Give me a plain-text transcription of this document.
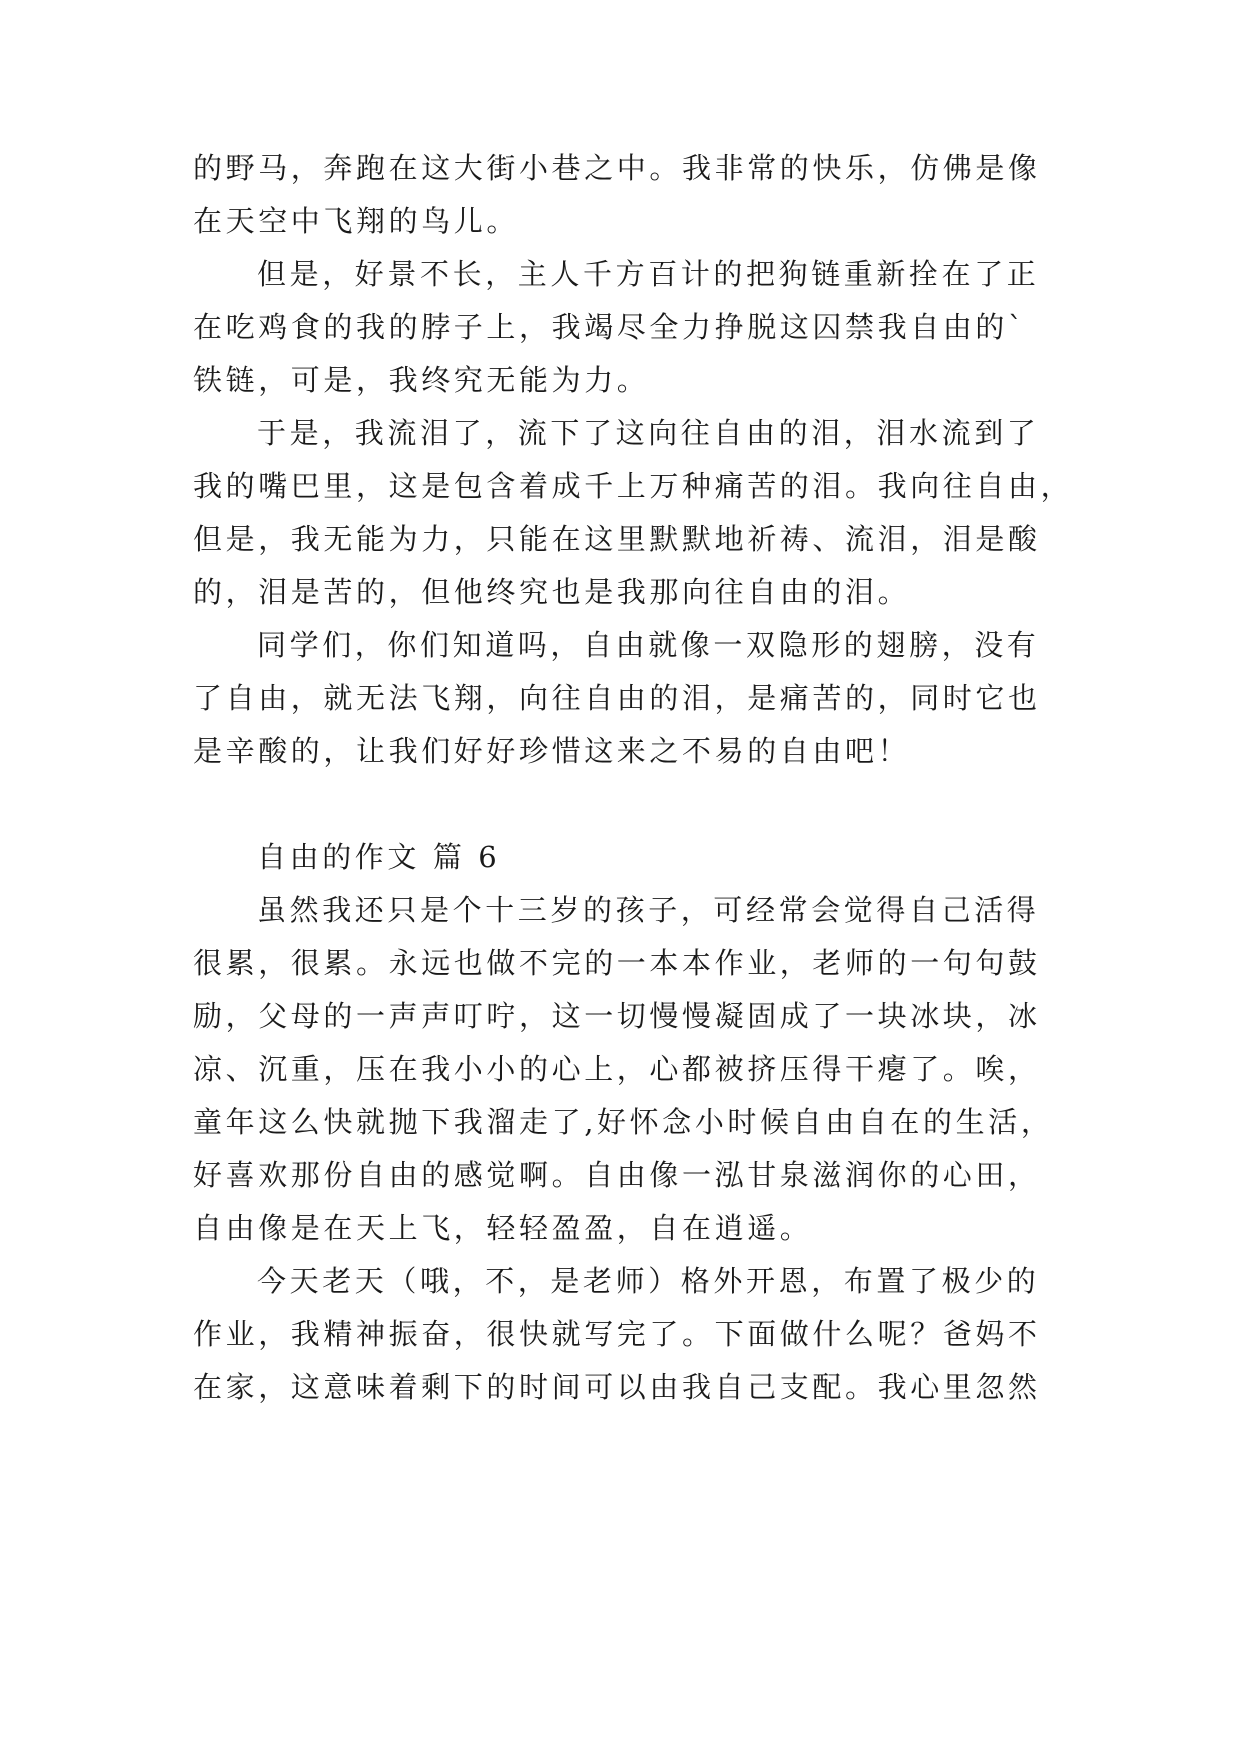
的野马，奔跑在这大街小巷之中。我非常的快乐，仿佛是像
在天空中飞翔的鸟儿。
但是，好景不长，主人千方百计的把狗链重新拴在了正
在吃鸡食的我的脖子上，我竭尽全力挣脱这囚禁我自由的`
铁链，可是，我终究无能为力。
于是，我流泪了，流下了这向往自由的泪，泪水流到了
我的嘴巴里，这是包含着成千上万种痛苦的泪。我向往自由，
但是，我无能为力，只能在这里默默地祈祷、流泪，泪是酸
的，泪是苦的，但他终究也是我那向往自由的泪。
同学们，你们知道吗，自由就像一双隐形的翅膀，没有
了自由，就无法飞翔，向往自由的泪，是痛苦的，同时它也
是辛酸的，让我们好好珍惜这来之不易的自由吧！
自由的作文 篇 6
虽然我还只是个十三岁的孩子，可经常会觉得自己活得
很累，很累。永远也做不完的一本本作业，老师的一句句鼓
励，父母的一声声叮咛，这一切慢慢凝固成了一块冰块，冰
凉、沉重，压在我小小的心上，心都被挤压得干瘪了。唉，
童年这么快就抛下我溜走了,好怀念小时候自由自在的生活，
好喜欢那份自由的感觉啊。自由像一泓甘泉滋润你的心田，
自由像是在天上飞，轻轻盈盈，自在逍遥。
今天老天（哦，不，是老师）格外开恩，布置了极少的
作业，我精神振奋，很快就写完了。下面做什么呢？爸妈不
在家，这意味着剩下的时间可以由我自己支配。我心里忽然
